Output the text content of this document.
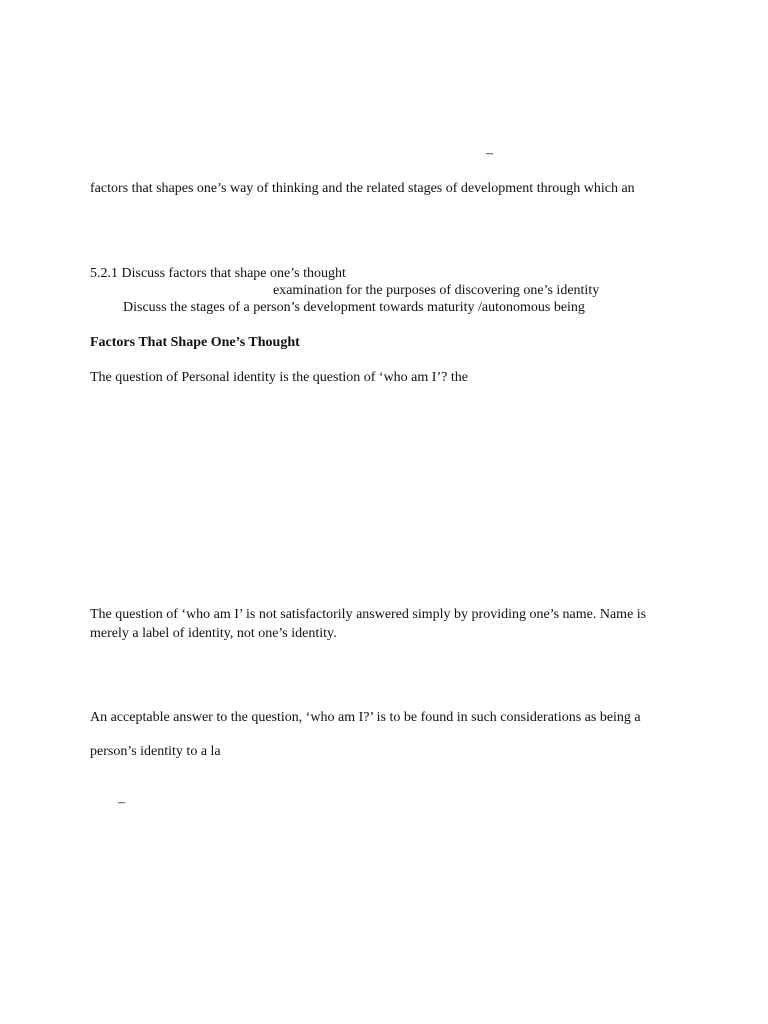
–
factors that shapes one’s way of thinking and the related stages of development through which an
5.2.1 Discuss factors that shape one’s thought
examination for the purposes of discovering one’s identity
Discuss the stages of a person’s development towards maturity /autonomous being
Factors That Shape One’s Thought
The question of Personal identity is the question of ‘who am I’? the
The question of ‘who am I’ is not satisfactorily answered simply by providing one’s name. Name is
merely a label of identity, not one’s identity.
An acceptable answer to the question, ‘who am I?’ is to be found in such considerations as being a
person’s identity to a la
–
